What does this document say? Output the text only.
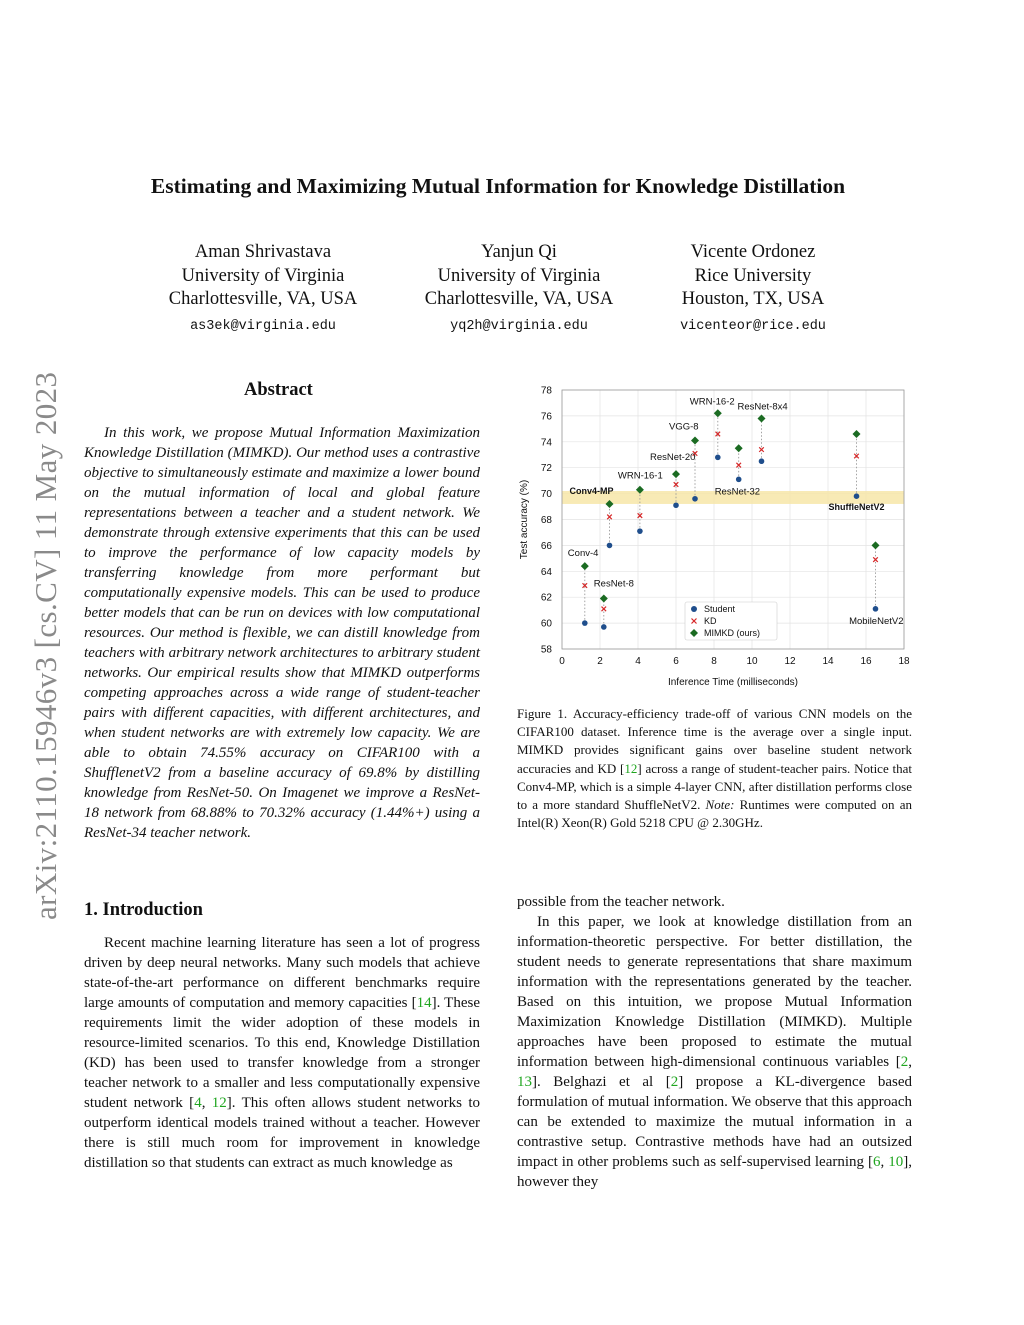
Estimating and Maximizing Mutual Information for Knowledge Distillation
Aman Shrivastava
University of Virginia
Charlottesville, VA, USA
as3ek@virginia.edu
Yanjun Qi
University of Virginia
Charlottesville, VA, USA
yq2h@virginia.edu
Vicente Ordonez
Rice University
Houston, TX, USA
vicenteor@rice.edu
arXiv:2110.15946v3 [cs.CV] 11 May 2023	Abstract
In this work, we propose Mutual Information Maximization Knowledge Distillation (MIMKD). Our method uses a contrastive objective to simultaneously estimate and maximize a lower bound on the mutual information of local and global feature representations between a teacher and a student network. We demonstrate through extensive experiments that this can be used to improve the performance of low capacity models by transferring knowledge from more performant but computationally expensive models. This can be used to produce better models that can be run on devices with low computational resources. Our method is flexible, we can distill knowledge from teachers with arbitrary network architectures to arbitrary student networks. Our empirical results show that MIMKD outperforms competing approaches across a wide range of student-teacher pairs with different capacities, with different architectures, and when student networks are with extremely low capacity. We are able to obtain 74.55% accuracy on CIFAR100 with a ShufflenetV2 from a baseline accuracy of 69.8% by distilling knowledge from ResNet-50. On Imagenet we improve a ResNet-18 network from 68.88% to 70.32% accuracy (1.44%+) using a ResNet-34 teacher network.
1. Introduction
Recent machine learning literature has seen a lot of progress driven by deep neural networks. Many such models that achieve state-of-the-art performance on different benchmarks require large amounts of computation and memory capacities [14]. These requirements limit the wider adoption of these models in resource-limited scenarios. To this end, Knowledge Distillation (KD) has been used to transfer knowledge from a stronger teacher network to a smaller and less computationally expensive student network [4, 12]. This often allows student networks to outperform identical models trained without a teacher. However there is still much room for improvement in knowledge distillation so that students can extract as much knowledge as

possible from the teacher network.

In this paper, we look at knowledge distillation from an information-theoretic perspective. For better distillation, the student needs to generate representations that share maximum information with the representations generated by the teacher. Based on this intuition, we propose Mutual Information Maximization Knowledge Distillation (MIMKD). Multiple approaches have been proposed to estimate the mutual information between high-dimensional continuous variables [2, 13]. Belghazi et al [2] propose a KL-divergence based formulation of mutual information. We observe that this approach can be extended to maximize the mutual information in a contrastive setup. Contrastive methods have had an outsized impact in other problems such as self-supervised learning [6, 10], however they

Figure 1. Accuracy-efficiency trade-off of various CNN models on the CIFAR100 dataset. Inference time is the average over a single input. MIMKD provides significant gains over baseline student network accuracies and KD [12] across a range of student-teacher pairs. Notice that Conv4-MP, which is a simple 4-layer CNN, after distillation performs close to a more standard ShuffleNetV2. Note: Runtimes were computed on an Intel(R) Xeon(R) Gold 5218 CPU @ 2.30GHz.
0	2	4	6	8	10	12	14	16	18
58
60
62
64
66
68
70
72
74
76
78
Conv-4
ResNet-8
Conv4-MP
WRN-16-1
ResNet-20
VGG-8
WRN-16-2
ResNet-32
ResNet-8x4
ShuffleNetV2
MobileNetV2
Inference Time (milliseconds)
Test accuracy (%)
Student
KD
MIMKD (ours)
